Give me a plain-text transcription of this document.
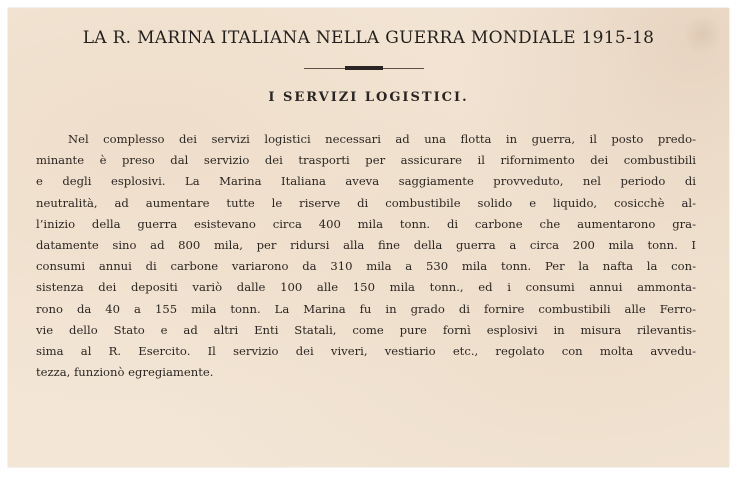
LA R. MARINA ITALIANA NELLA GUERRA MONDIALE 1915-18
I SERVIZI LOGISTICI.
Nel complesso dei servizi logistici necessari ad una flotta in guerra, il posto predo-
minante è preso dal servizio dei trasporti per assicurare il rifornimento dei combustibili
e degli esplosivi. La Marina Italiana aveva saggiamente provveduto, nel periodo di
neutralità, ad aumentare tutte le riserve di combustibile solido e liquido, cosicchè al-
l’inizio della guerra esistevano circa 400 mila tonn. di carbone che aumentarono gra-
datamente sino ad 800 mila, per ridursi alla fine della guerra a circa 200 mila tonn. I
consumi annui di carbone variarono da 310 mila a 530 mila tonn. Per la nafta la con-
sistenza dei depositi variò dalle 100 alle 150 mila tonn., ed i consumi annui ammonta-
rono da 40 a 155 mila tonn. La Marina fu in grado di fornire combustibili alle Ferro-
vie dello Stato e ad altri Enti Statali, come pure fornì esplosivi in misura rilevantis-
sima al R. Esercito. Il servizio dei viveri, vestiario etc., regolato con molta avvedu-
tezza, funzionò egregiamente.
